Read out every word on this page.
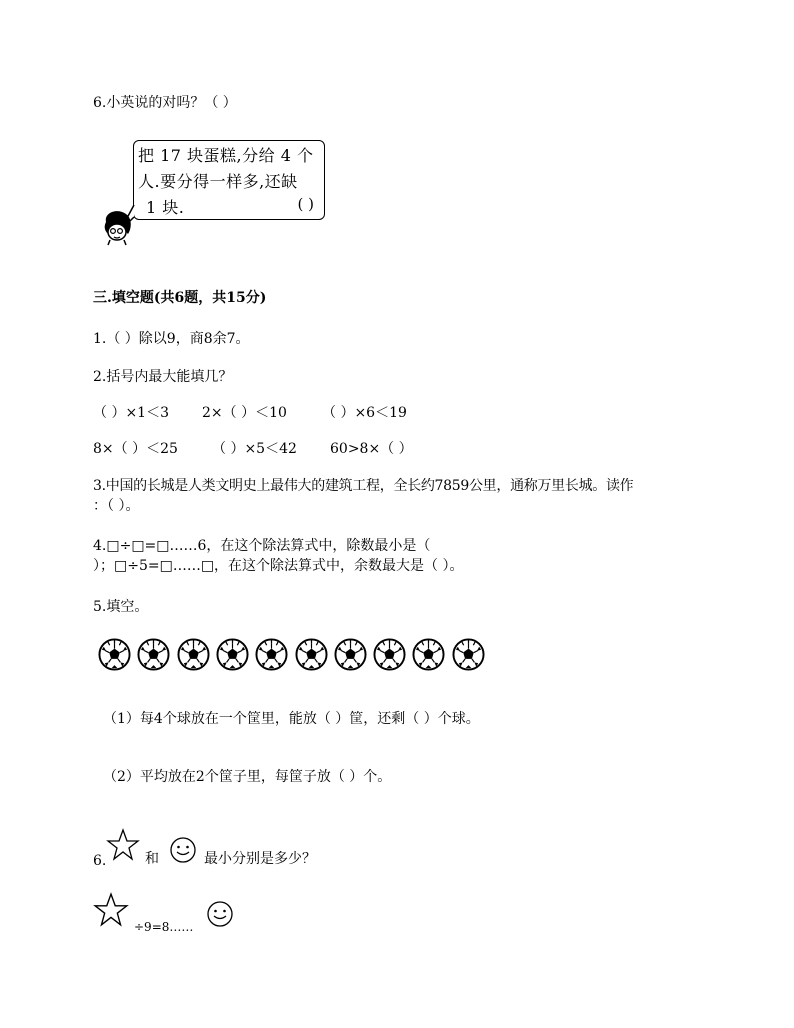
6.小英说的对吗？（ ）
把 17 块蛋糕,分给 4 个
人.要分得一样多,还缺
1 块.	( )
三.填空题(共6题，共15分)
1.（ ）除以9，商8余7。
2.括号内最大能填几？
（ ）×1＜3 2×（ ）＜10	（ ）×6＜19
8×（ ）＜25 （ ）×5＜42 60>8×（ ）
3.中国的长城是人类文明史上最伟大的建筑工程，全长约7859公里，通称万里长城。读作
：（ ）。
4.□÷□=□……6，在这个除法算式中，除数最小是（
）；□÷5=□……□，在这个除法算式中，余数最大是（ ）。
5.填空。
（1）每4个球放在一个筐里，能放（ ）筐，还剩（ ）个球。
（2）平均放在2个筐子里，每筐子放（ ）个。
6.	和	最小分别是多少？
÷9=8……
